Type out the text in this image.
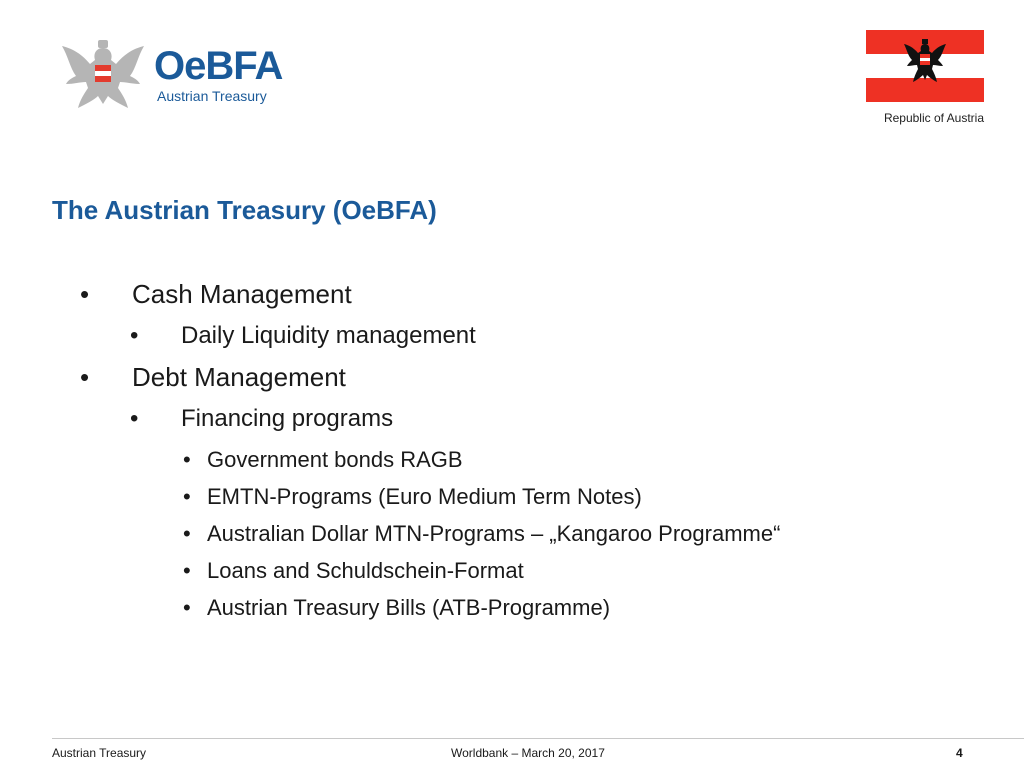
OeBFA
Austrian Treasury
Republic of Austria
The Austrian Treasury (OeBFA)
• Cash Management
• Daily Liquidity management
• Debt Management
• Financing programs
• Government bonds RAGB
• EMTN-Programs (Euro Medium Term Notes)
• Australian Dollar MTN-Programs – „Kangaroo Programme“
• Loans and Schuldschein-Format
• Austrian Treasury Bills (ATB-Programme)
Austrian Treasury	Worldbank – March 20, 2017	4
